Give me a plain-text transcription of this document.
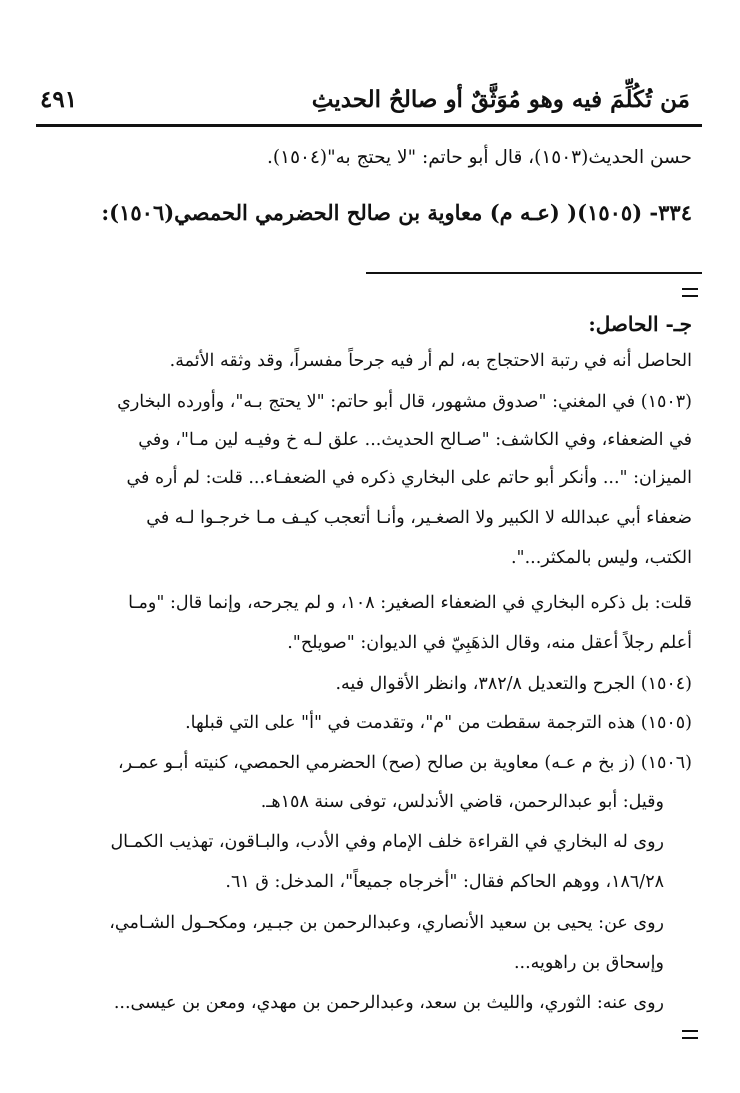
مَن تُكُلِّمَ فيه وهو مُوَثَّقٌ أو صالحُ الحديثِ
٤٩١
حسن الحديث(١٥٠٣)، قال أبو حاتم: "لا يحتج به"(١٥٠٤).
٣٣٤- (١٥٠٥)( (عـه م) معاوية بن صالح الحضرمي الحمصي(١٥٠٦):
جـ- الحاصل:
الحاصل أنه في رتبة الاحتجاج به، لم أر فيه جرحاً مفسراً، وقد وثقه الأئمة.
(١٥٠٣) في المغني: "صدوق مشهور، قال أبو حاتم: "لا يحتج بـه"، وأورده البخاري
في الضعفاء، وفي الكاشف: "صـالح الحديث... علق لـه خ وفيـه لين مـا"، وفي
الميزان: "... وأنكر أبو حاتم على البخاري ذكره في الضعفـاء... قلت: لم أره في
ضعفاء أبي عبدالله لا الكبير ولا الصغـير، وأنـا أتعجب كيـف مـا خرجـوا لـه في
الكتب، وليس بالمكثر...".
قلت: بل ذكره البخاري في الضعفاء الصغير: ١٠٨، و لم يجرحه، وإنما قال: "ومـا
أعلم رجلاً أعقل منه، وقال الذهَبِيّ في الديوان: "صويلح".
(١٥٠٤) الجرح والتعديل ٣٨٢/٨، وانظر الأقوال فيه.
(١٥٠٥) هذه الترجمة سقطت من "م"، وتقدمت في "أ" على التي قبلها.
(١٥٠٦) (ز بخ م عـه) معاوية بن صالح (صح) الحضرمي الحمصي، كنيته أبـو عمـر،
وقيل: أبو عبدالرحمن، قاضي الأندلس، توفى سنة ١٥٨هـ.
روى له البخاري في القراءة خلف الإمام وفي الأدب، والبـاقون، تهذيب الكمـال
١٨٦/٢٨، ووهم الحاكم فقال: "أخرجاه جميعاً"، المدخل: ق ٦١.
روى عن: يحيى بن سعيد الأنصاري، وعبدالرحمن بن جبـير، ومكحـول الشـامي،
وإسحاق بن راهويه...
روى عنه: الثوري، والليث بن سعد، وعبدالرحمن بن مهدي، ومعن بن عيسى...
